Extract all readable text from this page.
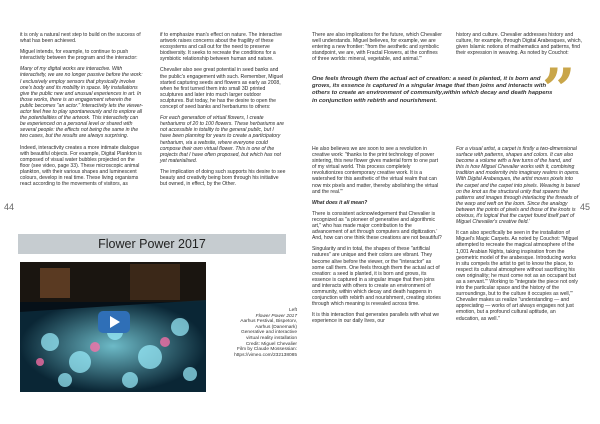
44	45

it is only a natural next step to build on the success of what has been achieved.

Miguel intends, for example, to continue to push interactivity between the program and the interactor:

Many of my digital works are interactive. With interactivity, we are no longer passive before the work: I exclusively employ sensors that physically involve one's body and its mobility in space. My installations give the public new and unusual experiences in art. In those works, there is an engagement wherein the public becomes "an actor." Interactivity lets the viewer-actor feel free to play spontaneously and to explore all the potentialities of the artwork. This interactivity can be experienced on a personal level or shared with several people: the effects not being the same in the two cases, but the results are always surprising.

Indeed, interactivity creates a more intimate dialogue with beautiful objects. For example, Digital Plankton is composed of visual water bubbles projected on the floor (see video, page 33). These microscopic animal plankton, with their various shapes and luminescent colours, develop in real time. These living organisms react according to the movements of visitors, as

if to emphasize man's effect on nature. The interactive artwork raises concerns about the fragility of these ecosystems and call out for the need to preserve biodiversity. It seeks to recreate the conditions for a symbiotic relationship between human and nature.

Chevalier also see great potential in seed banks and the public's engagement with such. Remember, Miguel started capturing seeds and flowers as early as 2008, when he first turned them into small 3D printed sculptures and later into much larger outdoor sculptures. But today, he has the desire to open the concept of seed banks and herbariums to others:

For each generation of virtual flowers, I create herbariums of 20 to 100 flowers. These herbariums are not accessible in totality to the general public, but I have been planning for years to create a participatory herbarium, via a website, where everyone could compose their own virtual flower. This is one of the projects that I have often proposed, but which has not yet materialised.

The implication of doing such supports his desire to see beauty and creativity being born through his initiative but owned, in effect, by the Other.

Flower Power 2017
Left
Flower Power 2017
Aarhus Festival, Bispetorv,
Aarhus (Danemark)
Generative and interactive
virtual reality installation
Credit: Miguel Chevalier
Film by Claude Mossessian:
https://vimeo.com/232138085

There are also implications for the future, which Chevalier well understands. Miguel believes, for example, we are entering a new frontier: "from the aesthetic and symbolic standpoint, we are, with Fractal Flowers, at the confines of three worlds: mineral, vegetable, and animal."’

One feels through them the actual act of creation: a seed is planted, it is born and grows, its essence is captured in a singular image that then joins and interacts with others to create an environment of community,within which decay and death happens in conjunction with rebirth and nourishment.	”

He also believes we are soon to see a revolution in creative work: "thanks to the print technology of power sintering, this new flower gives material form to one part of my virtual world. This process completely revolutionizes contemporary creative work. It is a watershed for this aesthetic of the virtual realm that can now mix pixels and matter, thereby abolishing the virtual and the real."’

What does it all mean?

There is consistent acknowledgement that Chevalier is recognized as "a pioneer of generative and algorithmic art," who has made major contribution to the advancement of art through computers and digitization.’ And, how can one think these creations are not beautiful?

Singularity and in total, the shapes of these "artificial natures" are unique and their colors are vibrant. They become alive before the viewer, or the "interactor" as some call them. One feels through them the actual act of creation: a seed is planted, it is born and grows, its essence is captured in a singular image that then joins and interacts with others to create an environment of community, within which decay and death happens in conjunction with rebirth and nourishment, creating stories through which meaning is revealed across time.

It is this interaction that generates parallels with what we experience in our daily lives, our

history and culture. Chevalier addresses history and culture, for example, through Digital Arabesques, which, given Islamic notions of mathematics and patterns, find their expression in weaving. As noted by Couchot:

For a visual artist, a carpet is firstly a two-dimensional surface with patterns, shapes and colors. It can also become a volume with a few turns of the hand, and this is how Miguel Chevalier works with it, combining tradition and modernity into imaginary realms in opens. With Digital Arabesques, the artist moves pixels into the carpet and the carpet into pixels. Weaving is based on the knot as the structural unity that spawns the patterns and images through interlacing the threads of the warp and weft on the loom. Since the analogy between the points of pixels and those of the knots is obvious, it's logical that the carpet found itself part of Miguel Chevalier's creative field.’

It can also specifically be seen in the installation of Miguel's Magic Carpets. As noted by Couchot: "Miguel attempted to recreate the magical atmosphere of the 1,001 Arabian Nights, taking inspiration from the geometric model of the arabesque. Introducing works in situ compels the artist to get to know the place, to respect its cultural atmosphere without sacrificing his own originality; he must come not as an occupant but as a servant."’ Working to "integrate the piece not only into the particular space and the history of the surroundings, but to the culture it occupies as well,"’ Chevalier makes us realize "understanding — and appreciating — works of art always engages not just emotion, but a profound cultural aptitude, an education, as well."
